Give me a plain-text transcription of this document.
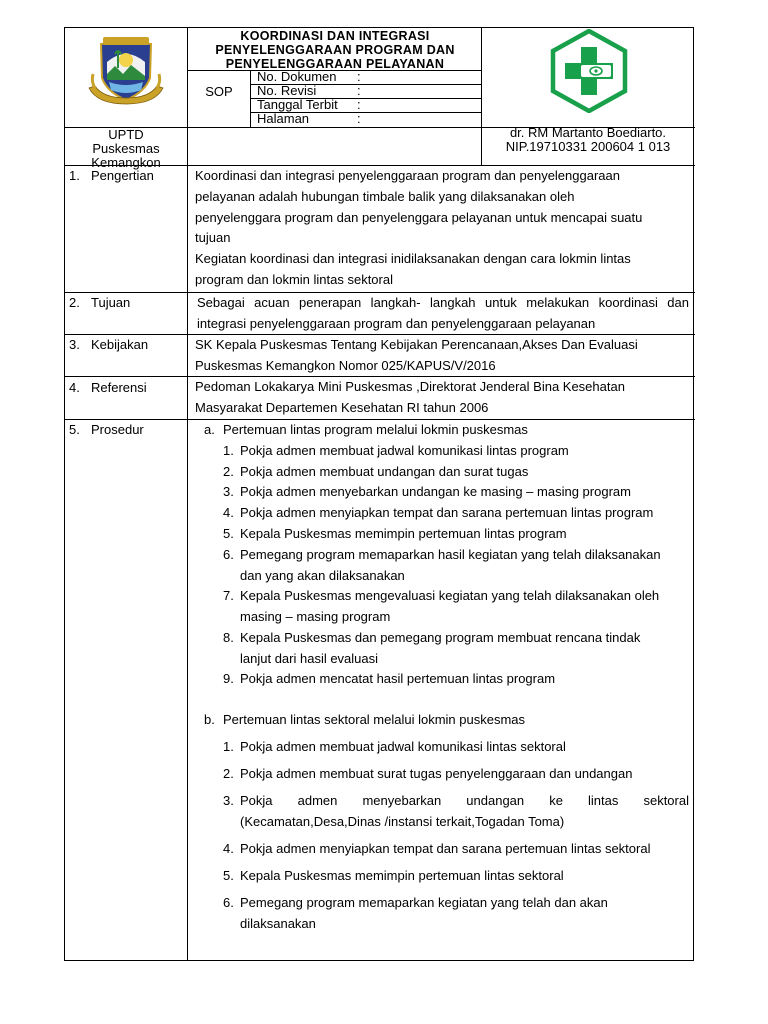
KOORDINASI DAN INTEGRASI
PENYELENGGARAAN PROGRAM DAN
PENYELENGGARAAN PELAYANAN
SOP
No. Dokumen :
No. Revisi	:
Tanggal Terbit :
Halaman	:
UPTD
Puskesmas
Kemangkon
dr. RM Martanto Boediarto.
NIP.19710331 200604 1 013
1. Pengertian	Koordinasi dan integrasi penyelenggaraan program dan penyelenggaraan
pelayanan adalah hubungan timbale balik yang dilaksanakan oleh
penyelenggara program dan penyelenggara pelayanan untuk mencapai suatu
tujuan
Kegiatan koordinasi dan integrasi inidilaksanakan dengan cara lokmin lintas
program dan lokmin lintas sektoral
2. Tujuan	Sebagai acuan penerapan langkah- langkah untuk melakukan koordinasi dan
integrasi penyelenggaraan program dan penyelenggaraan pelayanan
3. Kebijakan	SK Kepala Puskesmas Tentang Kebijakan Perencanaan,Akses Dan Evaluasi
Puskesmas Kemangkon Nomor 025/KAPUS/V/2016
4. Referensi	Pedoman Lokakarya Mini Puskesmas ,Direktorat Jenderal Bina Kesehatan
Masyarakat Departemen Kesehatan RI tahun 2006
5. Prosedur	a. Pertemuan lintas program melalui lokmin puskesmas
1. Pokja admen membuat jadwal komunikasi lintas program
2. Pokja admen membuat undangan dan surat tugas
3. Pokja admen menyebarkan undangan ke masing – masing program
4. Pokja admen menyiapkan tempat dan sarana pertemuan lintas program
5. Kepala Puskesmas memimpin pertemuan lintas program
6. Pemegang program memaparkan hasil kegiatan yang telah dilaksanakan
dan yang akan dilaksanakan
7. Kepala Puskesmas mengevaluasi kegiatan yang telah dilaksanakan oleh
masing – masing program
8. Kepala Puskesmas dan pemegang program membuat rencana tindak
lanjut dari hasil evaluasi
9. Pokja admen mencatat hasil pertemuan lintas program
b. Pertemuan lintas sektoral melalui lokmin puskesmas
1. Pokja admen membuat jadwal komunikasi lintas sektoral
2. Pokja admen membuat surat tugas penyelenggaraan dan undangan
3. Pokja admen menyebarkan undangan ke lintas sektoral
(Kecamatan,Desa,Dinas /instansi terkait,Togadan Toma)
4. Pokja admen menyiapkan tempat dan sarana pertemuan lintas sektoral
5. Kepala Puskesmas memimpin pertemuan lintas sektoral
6. Pemegang program memaparkan kegiatan yang telah dan akan
dilaksanakan
